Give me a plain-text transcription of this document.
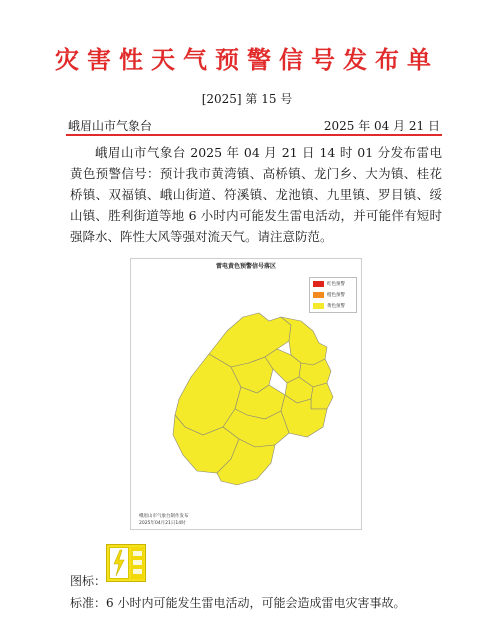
灾害性天气预警信号发布单
[2025] 第 15 号
峨眉山市气象台	2025 年 04 月 21 日

峨眉山市气象台 2025 年 04 月 21 日 14 时 01 分发布雷电黄色预警信号：预计我市黄湾镇、高桥镇、龙门乡、大为镇、桂花桥镇、双福镇、峨山街道、符溪镇、龙池镇、九里镇、罗目镇、绥山镇、胜利街道等地 6 小时内可能发生雷电活动，并可能伴有短时强降水、阵性大风等强对流天气。请注意防范。

雷电黄色预警信号落区
红色预警
橙色预警
黄色预警
峨眉山市气象台制作发布
2025年04月21日14时
图标：
标准：6 小时内可能发生雷电活动，可能会造成雷电灾害事故。
